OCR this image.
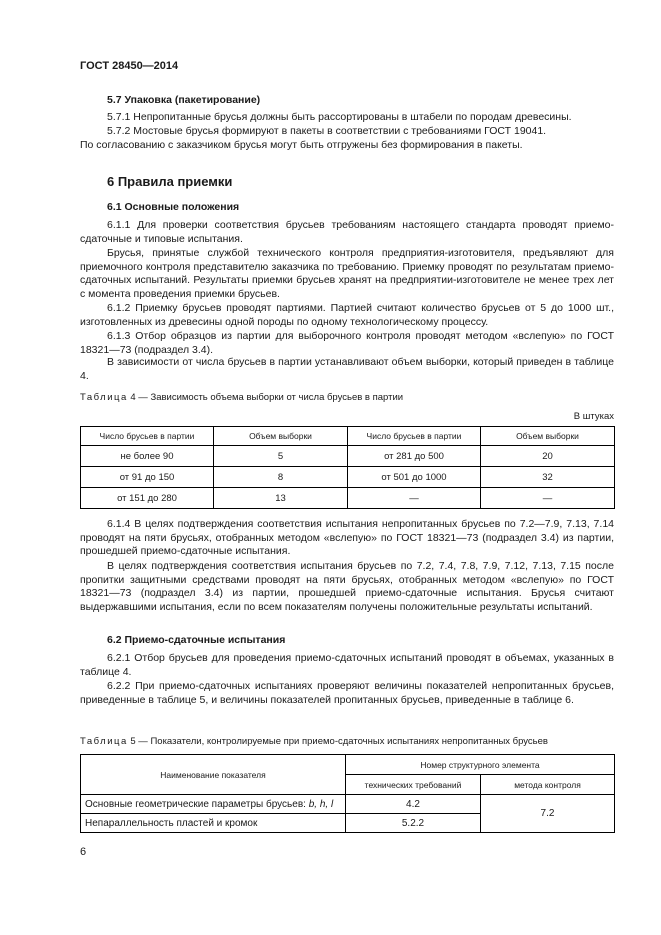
ГОСТ 28450—2014
5.7 Упаковка (пакетирование)

5.7.1 Непропитанные брусья должны быть рассортированы в штабели по породам древесины.

5.7.2 Мостовые брусья формируют в пакеты в соответствии с требованиями ГОСТ 19041.

По согласованию с заказчиком брусья могут быть отгружены без формирования в пакеты.

6 Правила приемки
6.1 Основные положения

6.1.1 Для проверки соответствия брусьев требованиям настоящего стандарта проводят приемо-сдаточные и типовые испытания.

Брусья, принятые службой технического контроля предприятия-изготовителя, предъявляют для приемочного контроля представителю заказчика по требованию. Приемку проводят по результатам приемо-сдаточных испытаний. Результаты приемки брусьев хранят на предприятии-изготовителе не менее трех лет с момента проведения приемки брусьев.

6.1.2 Приемку брусьев проводят партиями. Партией считают количество брусьев от 5 до 1000 шт., изготовленных из древесины одной породы по одному технологическому процессу.

6.1.3 Отбор образцов из партии для выборочного контроля проводят методом «вслепую» по ГОСТ 18321—73 (подраздел 3.4).

В зависимости от числа брусьев в партии устанавливают объем выборки, который приведен в таблице 4.

Таблица 4 — Зависимость объема выборки от числа брусьев в партии
В штуках
Число брусьев в партии	Объем выборки	Число брусьев в партии	Объем выборки
не более 90	5	от 281 до 500	20
от 91 до 150	8	от 501 до 1000	32
от 151 до 280	13	—	—

6.1.4 В целях подтверждения соответствия испытания непропитанных брусьев по 7.2—7.9, 7.13, 7.14 проводят на пяти брусьях, отобранных методом «вслепую» по ГОСТ 18321—73 (подраздел 3.4) из партии, прошедшей приемо-сдаточные испытания.

В целях подтверждения соответствия испытания брусьев по 7.2, 7.4, 7.8, 7.9, 7.12, 7.13, 7.15 после пропитки защитными средствами проводят на пяти брусьях, отобранных методом «вслепую» по ГОСТ 18321—73 (подраздел 3.4) из партии, прошедшей приемо-сдаточные испытания. Брусья считают выдержавшими испытания, если по всем показателям получены положительные результаты испытаний.

6.2 Приемо-сдаточные испытания

6.2.1 Отбор брусьев для проведения приемо-сдаточных испытаний проводят в объемах, указанных в таблице 4.

6.2.2 При приемо-сдаточных испытаниях проверяют величины показателей непропитанных брусьев, приведенные в таблице 5, и величины показателей пропитанных брусьев, приведенные в таблице 6.

Таблица 5 — Показатели, контролируемые при приемо-сдаточных испытаниях непропитанных брусьев
Наименование показателя	Номер структурного элемента	
	технических требований	метода контроля
Основные геометрические параметры брусьев: b, h, l	4.2	7.2
Непараллельность пластей и кромок	5.2.2	
6
